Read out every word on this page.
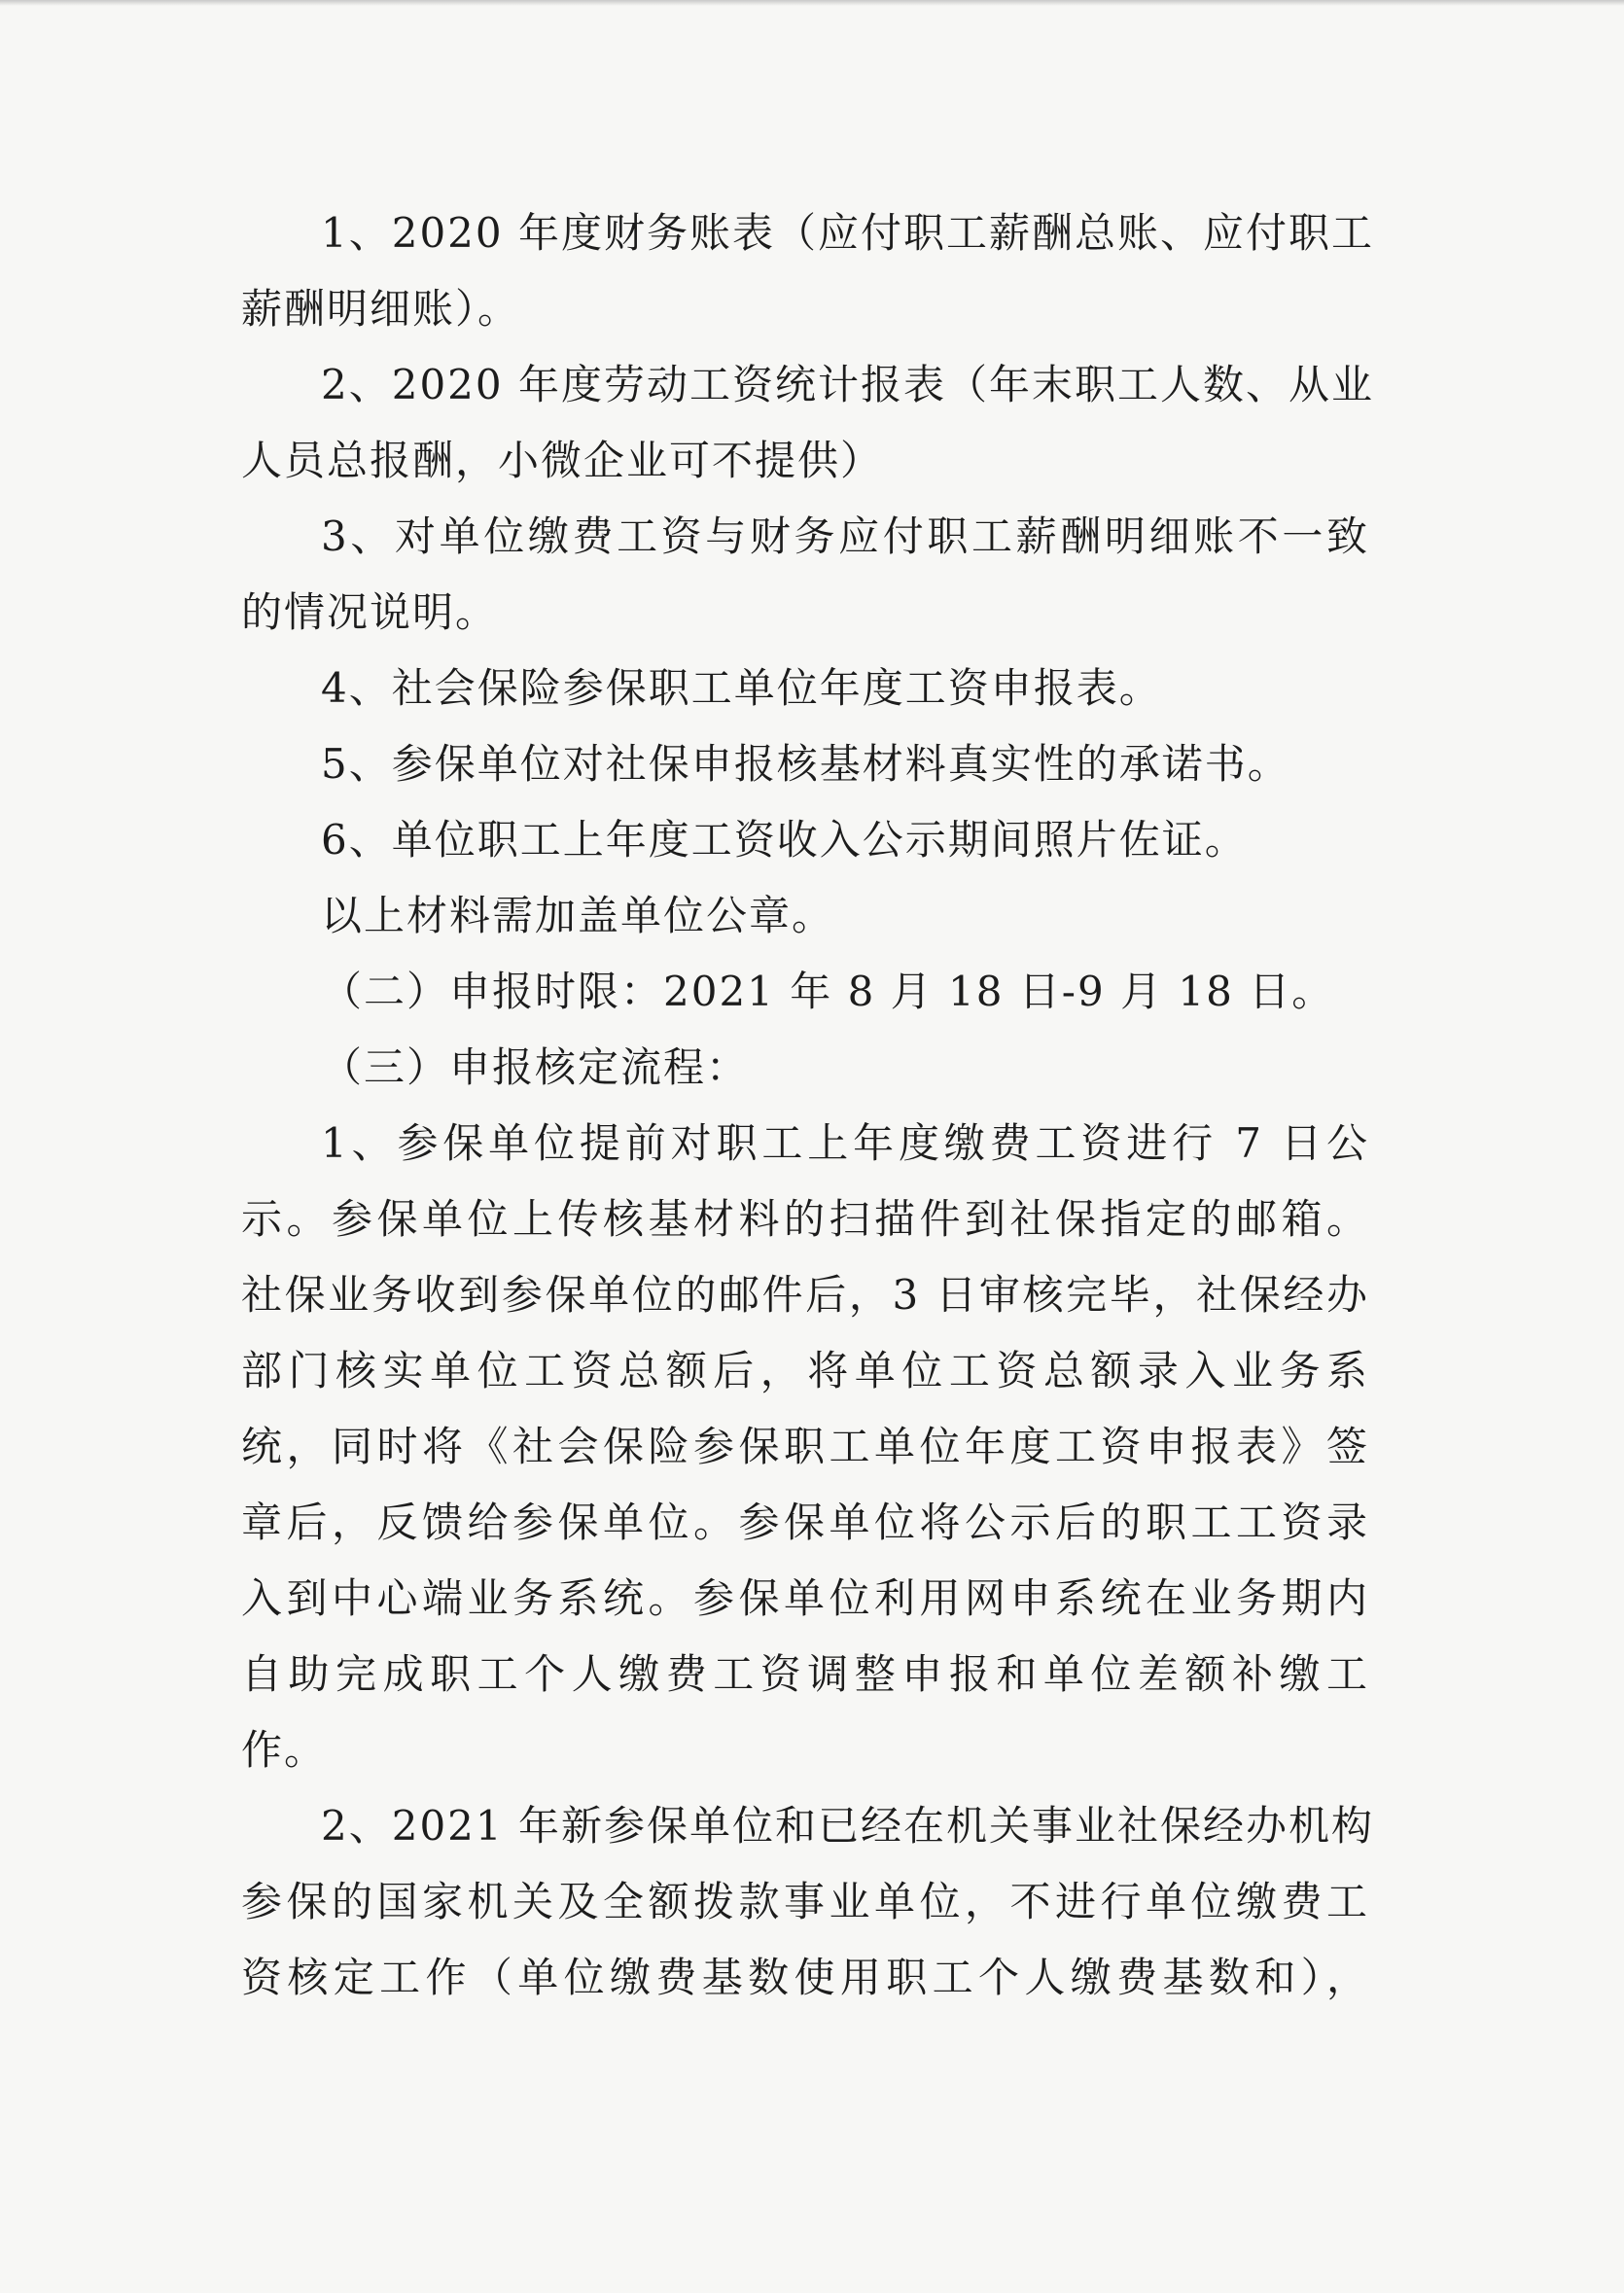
1、2020 年度财务账表（应付职工薪酬总账、应付职工
薪酬明细账）。
2、2020 年度劳动工资统计报表（年末职工人数、从业
人员总报酬，小微企业可不提供）
3、对单位缴费工资与财务应付职工薪酬明细账不一致
的情况说明。
4、社会保险参保职工单位年度工资申报表。
5、参保单位对社保申报核基材料真实性的承诺书。
6、单位职工上年度工资收入公示期间照片佐证。
以上材料需加盖单位公章。
（二）申报时限：2021 年 8 月 18 日-9 月 18 日。
（三）申报核定流程：
1、参保单位提前对职工上年度缴费工资进行 7 日公
示。参保单位上传核基材料的扫描件到社保指定的邮箱。
社保业务收到参保单位的邮件后，3 日审核完毕，社保经办
部门核实单位工资总额后，将单位工资总额录入业务系
统，同时将《社会保险参保职工单位年度工资申报表》签
章后，反馈给参保单位。参保单位将公示后的职工工资录
入到中心端业务系统。参保单位利用网申系统在业务期内
自助完成职工个人缴费工资调整申报和单位差额补缴工
作。
2、2021 年新参保单位和已经在机关事业社保经办机构
参保的国家机关及全额拨款事业单位，不进行单位缴费工
资核定工作（单位缴费基数使用职工个人缴费基数和），
